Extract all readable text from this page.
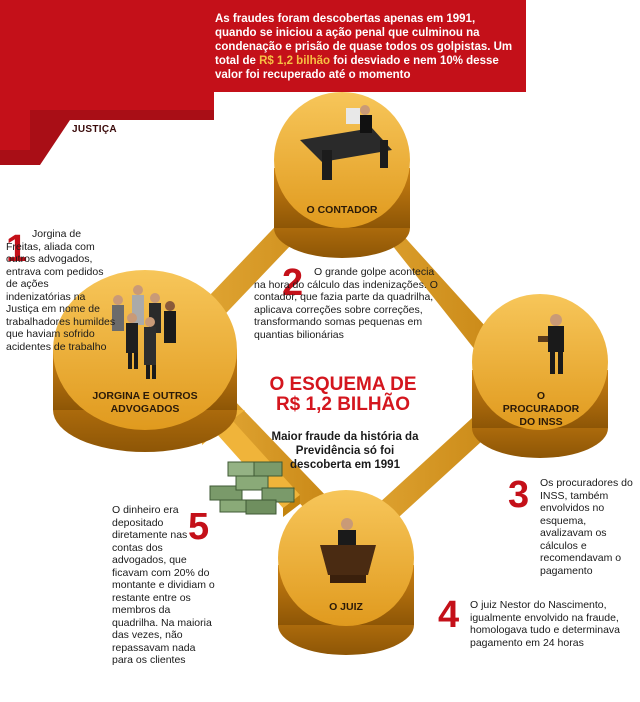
As fraudes foram descobertas apenas em 1991, quando se iniciou a ação penal que culminou na condenação e prisão de quase todos os golpistas. Um total de R$ 1,2 bilhão foi desviado e nem 10% desse valor foi recuperado até o momento
JUSTIÇA
O CONTADOR
O PROCURADOR DO INSS
O JUIZ
JORGINA E OUTROS ADVOGADOS
1 Jorgina de Freitas, aliada com outros advogados, entrava com pedidos de ações indenizatórias na Justiça em nome de trabalhadores humildes que haviam sofrido acidentes de trabalho
2	O grande golpe acontecia na hora do cálculo das indenizações. O contador, que fazia parte da quadrilha, aplicava correções sobre correções, transformando somas pequenas em quantias bilionárias
3 Os procuradores do INSS, também envolvidos no esquema, avalizavam os cálculos e recomendavam o pagamento
4 O juiz Nestor do Nascimento, igualmente envolvido na fraude, homologava tudo e determinava pagamento em 24 horas
5
O dinheiro era depositado diretamente nas contas dos advogados, que ficavam com 20% do montante e dividiam o restante entre os membros da quadrilha. Na maioria das vezes, não repassavam nada para os clientes
O ESQUEMA DE R$ 1,2 BILHÃO
Maior fraude da história da Previdência só foi descoberta em 1991
